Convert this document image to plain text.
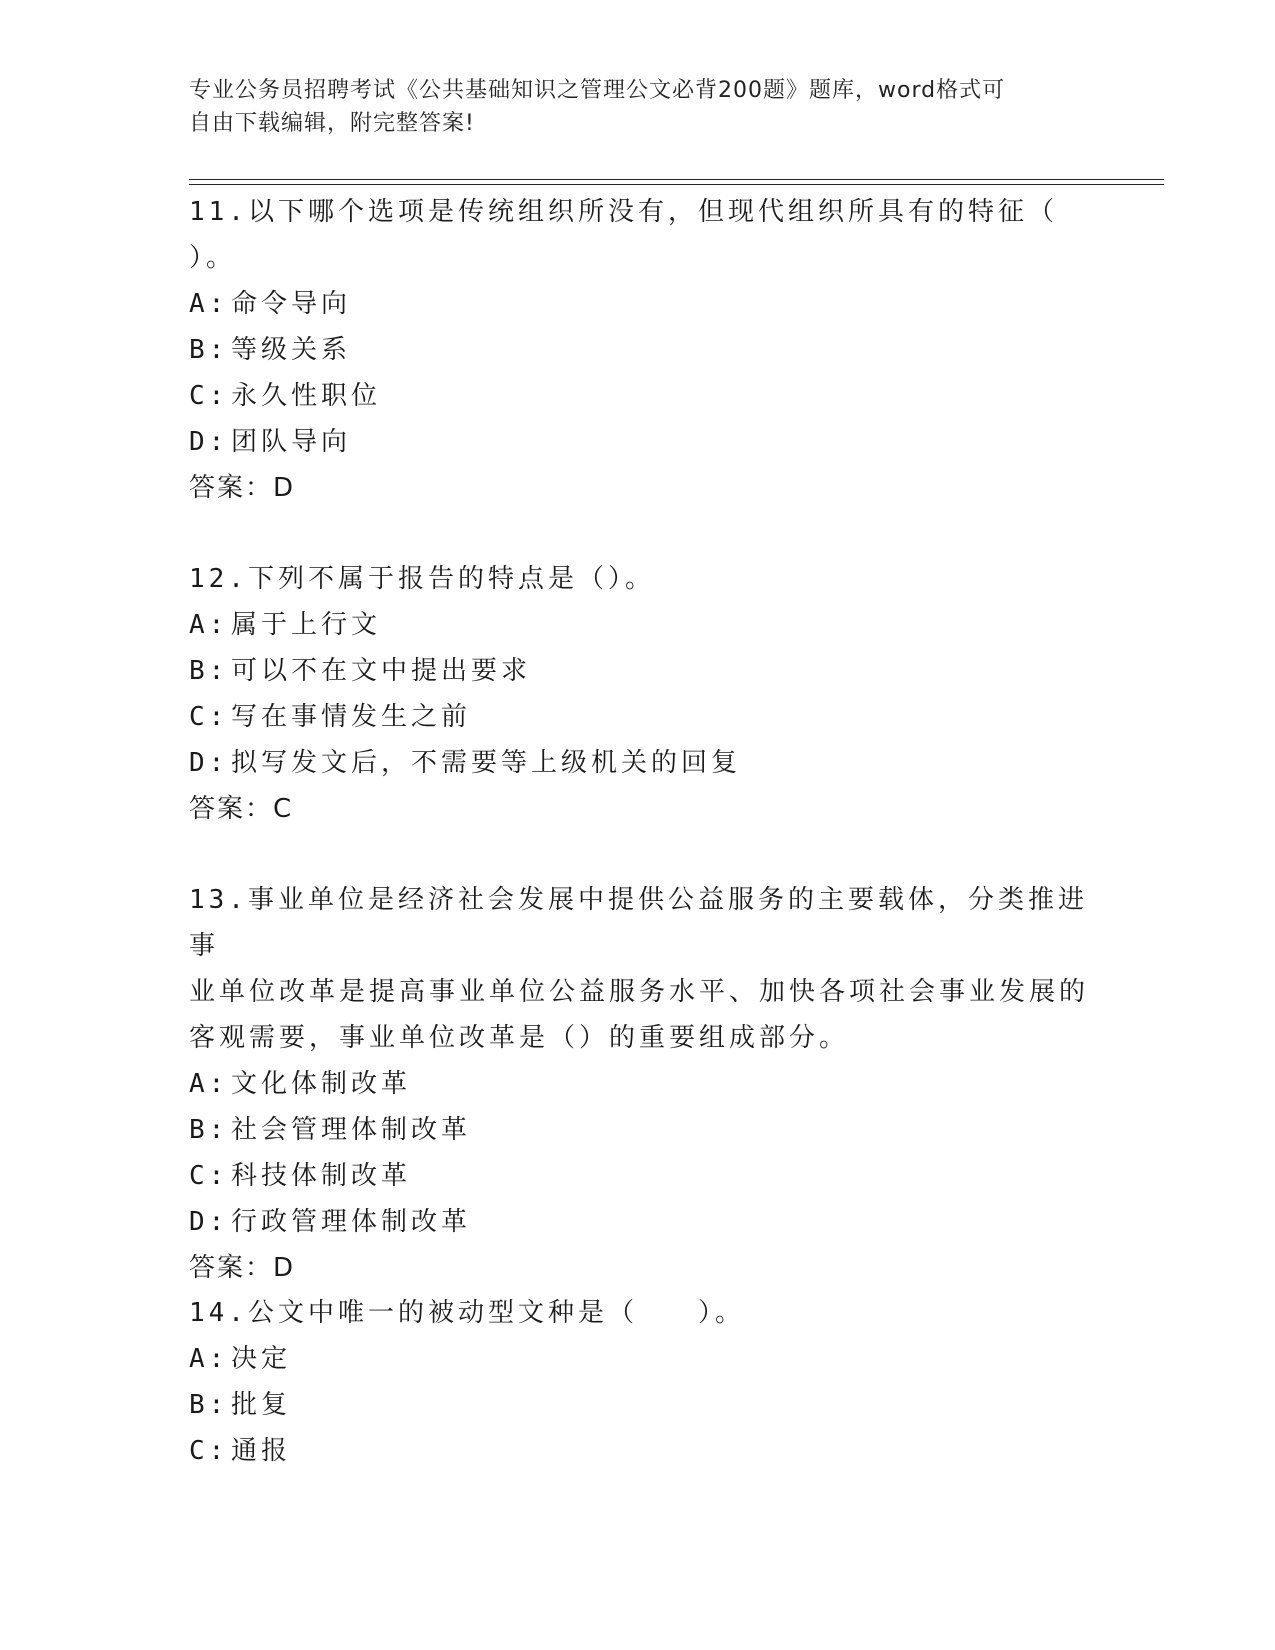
专业公务员招聘考试《公共基础知识之管理公文必背200题》题库，word格式可
自由下载编辑，附完整答案!
11.以下哪个选项是传统组织所没有，但现代组织所具有的特征（
）。
A: 命令导向
B: 等级关系
C: 永久性职位
D: 团队导向
答案：D
12.下列不属于报告的特点是（）。
A: 属于上行文
B: 可以不在文中提出要求
C: 写在事情发生之前
D: 拟写发文后，不需要等上级机关的回复
答案：C
13.事业单位是经济社会发展中提供公益服务的主要载体，分类推进事
业单位改革是提高事业单位公益服务水平、加快各项社会事业发展的
客观需要，事业单位改革是（）的重要组成部分。
A: 文化体制改革
B: 社会管理体制改革
C: 科技体制改革
D: 行政管理体制改革
答案：D
14.公文中唯一的被动型文种是（　　）。
A: 决定
B: 批复
C: 通报
